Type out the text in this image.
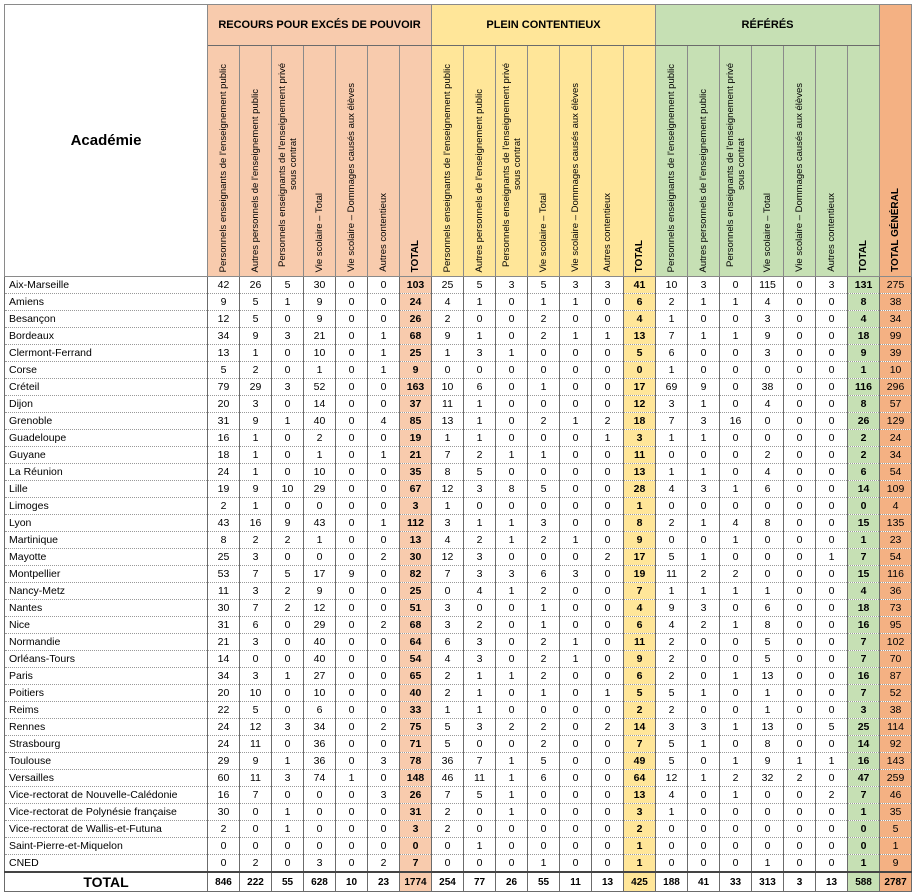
Académie	RECOURS POUR EXCÉS DE POUVOIR							PLEIN CONTENTIEUX							RÉFÉRÉS							TOTAL GÉNÉRAL

	Personnels enseignants de l'enseignement public	Autres personnels de l'enseignement public	Personnels enseignants de l'enseignement privé sous contrat	Vie scolaire – Total	Vie scolaire – Dommages causés aux élèves	Autres contentieux	TOTAL	Personnels enseignants de l'enseignement public	Autres personnels de l'enseignement public	Personnels enseignants de l'enseignement privé sous contrat	Vie scolaire – Total	Vie scolaire – Dommages causés aux élèves	Autres contentieux	TOTAL	Personnels enseignants de l'enseignement public	Autres personnels de l'enseignement public	Personnels enseignants de l'enseignement privé sous contrat	Vie scolaire – Total	Vie scolaire – Dommages causés aux élèves	Autres contentieux	TOTAL	

Aix-Marseille	42	26	5	30	0	0	103	25	5	3	5	3	3	41	10	3	0	115	0	3	131	275
Amiens	9	5	1	9	0	0	24	4	1	0	1	1	0	6	2	1	1	4	0	0	8	38
Besançon	12	5	0	9	0	0	26	2	0	0	2	0	0	4	1	0	0	3	0	0	4	34
Bordeaux	34	9	3	21	0	1	68	9	1	0	2	1	1	13	7	1	1	9	0	0	18	99
Clermont-Ferrand	13	1	0	10	0	1	25	1	3	1	0	0	0	5	6	0	0	3	0	0	9	39
Corse	5	2	0	1	0	1	9	0	0	0	0	0	0	0	1	0	0	0	0	0	1	10
Créteil	79	29	3	52	0	0	163	10	6	0	1	0	0	17	69	9	0	38	0	0	116	296
Dijon	20	3	0	14	0	0	37	11	1	0	0	0	0	12	3	1	0	4	0	0	8	57
Grenoble	31	9	1	40	0	4	85	13	1	0	2	1	2	18	7	3	16	0	0	0	26	129
Guadeloupe	16	1	0	2	0	0	19	1	1	0	0	0	1	3	1	1	0	0	0	0	2	24
Guyane	18	1	0	1	0	1	21	7	2	1	1	0	0	11	0	0	0	2	0	0	2	34
La Réunion	24	1	0	10	0	0	35	8	5	0	0	0	0	13	1	1	0	4	0	0	6	54
Lille	19	9	10	29	0	0	67	12	3	8	5	0	0	28	4	3	1	6	0	0	14	109
Limoges	2	1	0	0	0	0	3	1	0	0	0	0	0	1	0	0	0	0	0	0	0	4
Lyon	43	16	9	43	0	1	112	3	1	1	3	0	0	8	2	1	4	8	0	0	15	135
Martinique	8	2	2	1	0	0	13	4	2	1	2	1	0	9	0	0	1	0	0	0	1	23
Mayotte	25	3	0	0	0	2	30	12	3	0	0	0	2	17	5	1	0	0	0	1	7	54
Montpellier	53	7	5	17	9	0	82	7	3	3	6	3	0	19	11	2	2	0	0	0	15	116
Nancy-Metz	11	3	2	9	0	0	25	0	4	1	2	0	0	7	1	1	1	1	0	0	4	36
Nantes	30	7	2	12	0	0	51	3	0	0	1	0	0	4	9	3	0	6	0	0	18	73
Nice	31	6	0	29	0	2	68	3	2	0	1	0	0	6	4	2	1	8	0	0	16	95
Normandie	21	3	0	40	0	0	64	6	3	0	2	1	0	11	2	0	0	5	0	0	7	102
Orléans-Tours	14	0	0	40	0	0	54	4	3	0	2	1	0	9	2	0	0	5	0	0	7	70
Paris	34	3	1	27	0	0	65	2	1	1	2	0	0	6	2	0	1	13	0	0	16	87
Poitiers	20	10	0	10	0	0	40	2	1	0	1	0	1	5	5	1	0	1	0	0	7	52
Reims	22	5	0	6	0	0	33	1	1	0	0	0	0	2	2	0	0	1	0	0	3	38
Rennes	24	12	3	34	0	2	75	5	3	2	2	0	2	14	3	3	1	13	0	5	25	114
Strasbourg	24	11	0	36	0	0	71	5	0	0	2	0	0	7	5	1	0	8	0	0	14	92
Toulouse	29	9	1	36	0	3	78	36	7	1	5	0	0	49	5	0	1	9	1	1	16	143
Versailles	60	11	3	74	1	0	148	46	11	1	6	0	0	64	12	1	2	32	2	0	47	259
Vice-rectorat de Nouvelle-Calédonie	16	7	0	0	0	3	26	7	5	1	0	0	0	13	4	0	1	0	0	2	7	46
Vice-rectorat de Polynésie française	30	0	1	0	0	0	31	2	0	1	0	0	0	3	1	0	0	0	0	0	1	35
Vice-rectorat de Wallis-et-Futuna	2	0	1	0	0	0	3	2	0	0	0	0	0	2	0	0	0	0	0	0	0	5
Saint-Pierre-et-Miquelon	0	0	0	0	0	0	0	0	1	0	0	0	0	1	0	0	0	0	0	0	0	1
CNED	0	2	0	3	0	2	7	0	0	0	1	0	0	1	0	0	0	1	0	0	1	9
TOTAL	846	222	55	628	10	23	1774	254	77	26	55	11	13	425	188	41	33	313	3	13	588	2787
